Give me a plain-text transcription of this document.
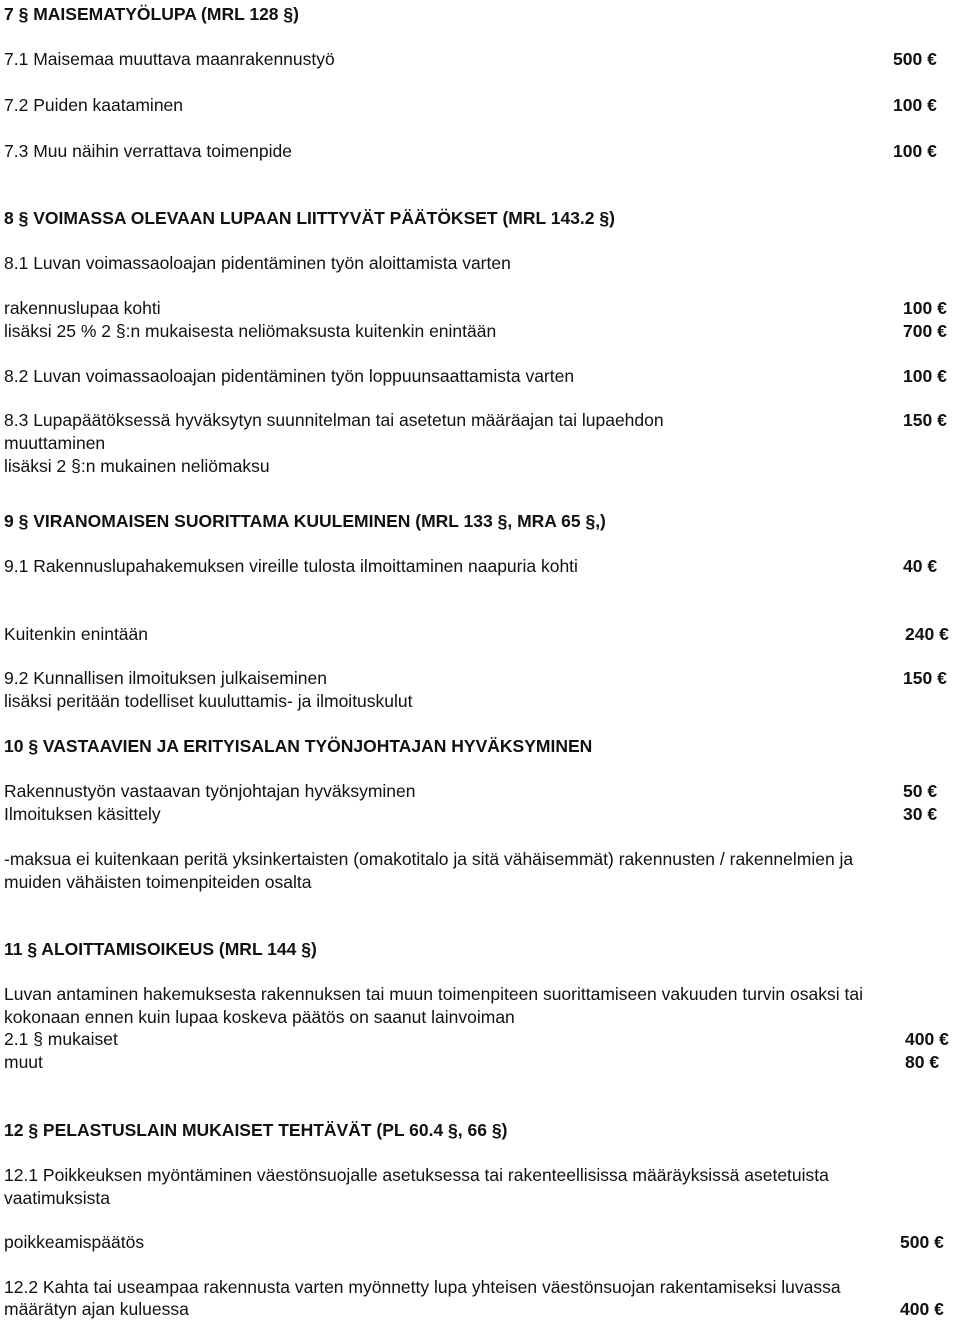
7 § MAISEMATYÖLUPA (MRL 128 §)
7.1 Maisemaa muuttava maanrakennustyö	500 €
7.2 Puiden kaataminen	100 €
7.3 Muu näihin verrattava toimenpide	100 €
8 § VOIMASSA OLEVAAN LUPAAN LIITTYVÄT PÄÄTÖKSET (MRL 143.2 §)
8.1 Luvan voimassaoloajan pidentäminen työn aloittamista varten
rakennuslupaa kohti	100 €
lisäksi 25 % 2 §:n mukaisesta neliömaksusta kuitenkin enintään	700 €
8.2 Luvan voimassaoloajan pidentäminen työn loppuunsaattamista varten	100 €
8.3 Lupapäätöksessä hyväksytyn suunnitelman tai asetetun määräajan tai lupaehdon	150 €
muuttaminen
lisäksi 2 §:n mukainen neliömaksu
9 § VIRANOMAISEN SUORITTAMA KUULEMINEN (MRL 133 §, MRA 65 §,)
9.1 Rakennuslupahakemuksen vireille tulosta ilmoittaminen naapuria kohti	40 €
Kuitenkin enintään	240 €
9.2 Kunnallisen ilmoituksen julkaiseminen	150 €
lisäksi peritään todelliset kuuluttamis- ja ilmoituskulut
10 § VASTAAVIEN JA ERITYISALAN TYÖNJOHTAJAN HYVÄKSYMINEN
Rakennustyön vastaavan työnjohtajan hyväksyminen	50 €
Ilmoituksen käsittely	30 €
-maksua ei kuitenkaan peritä yksinkertaisten (omakotitalo ja sitä vähäisemmät) rakennusten / rakennelmien ja
muiden vähäisten toimenpiteiden osalta
11 § ALOITTAMISOIKEUS (MRL 144 §)
Luvan antaminen hakemuksesta rakennuksen tai muun toimenpiteen suorittamiseen vakuuden turvin osaksi tai
kokonaan ennen kuin lupaa koskeva päätös on saanut lainvoiman
2.1 § mukaiset	400 €
muut	80 €
12 § PELASTUSLAIN MUKAISET TEHTÄVÄT (PL 60.4 §, 66 §)
12.1 Poikkeuksen myöntäminen väestönsuojalle asetuksessa tai rakenteellisissa määräyksissä asetetuista
vaatimuksista
poikkeamispäätös	500 €
12.2 Kahta tai useampaa rakennusta varten myönnetty lupa yhteisen väestönsuojan rakentamiseksi luvassa
määrätyn ajan kuluessa	400 €
